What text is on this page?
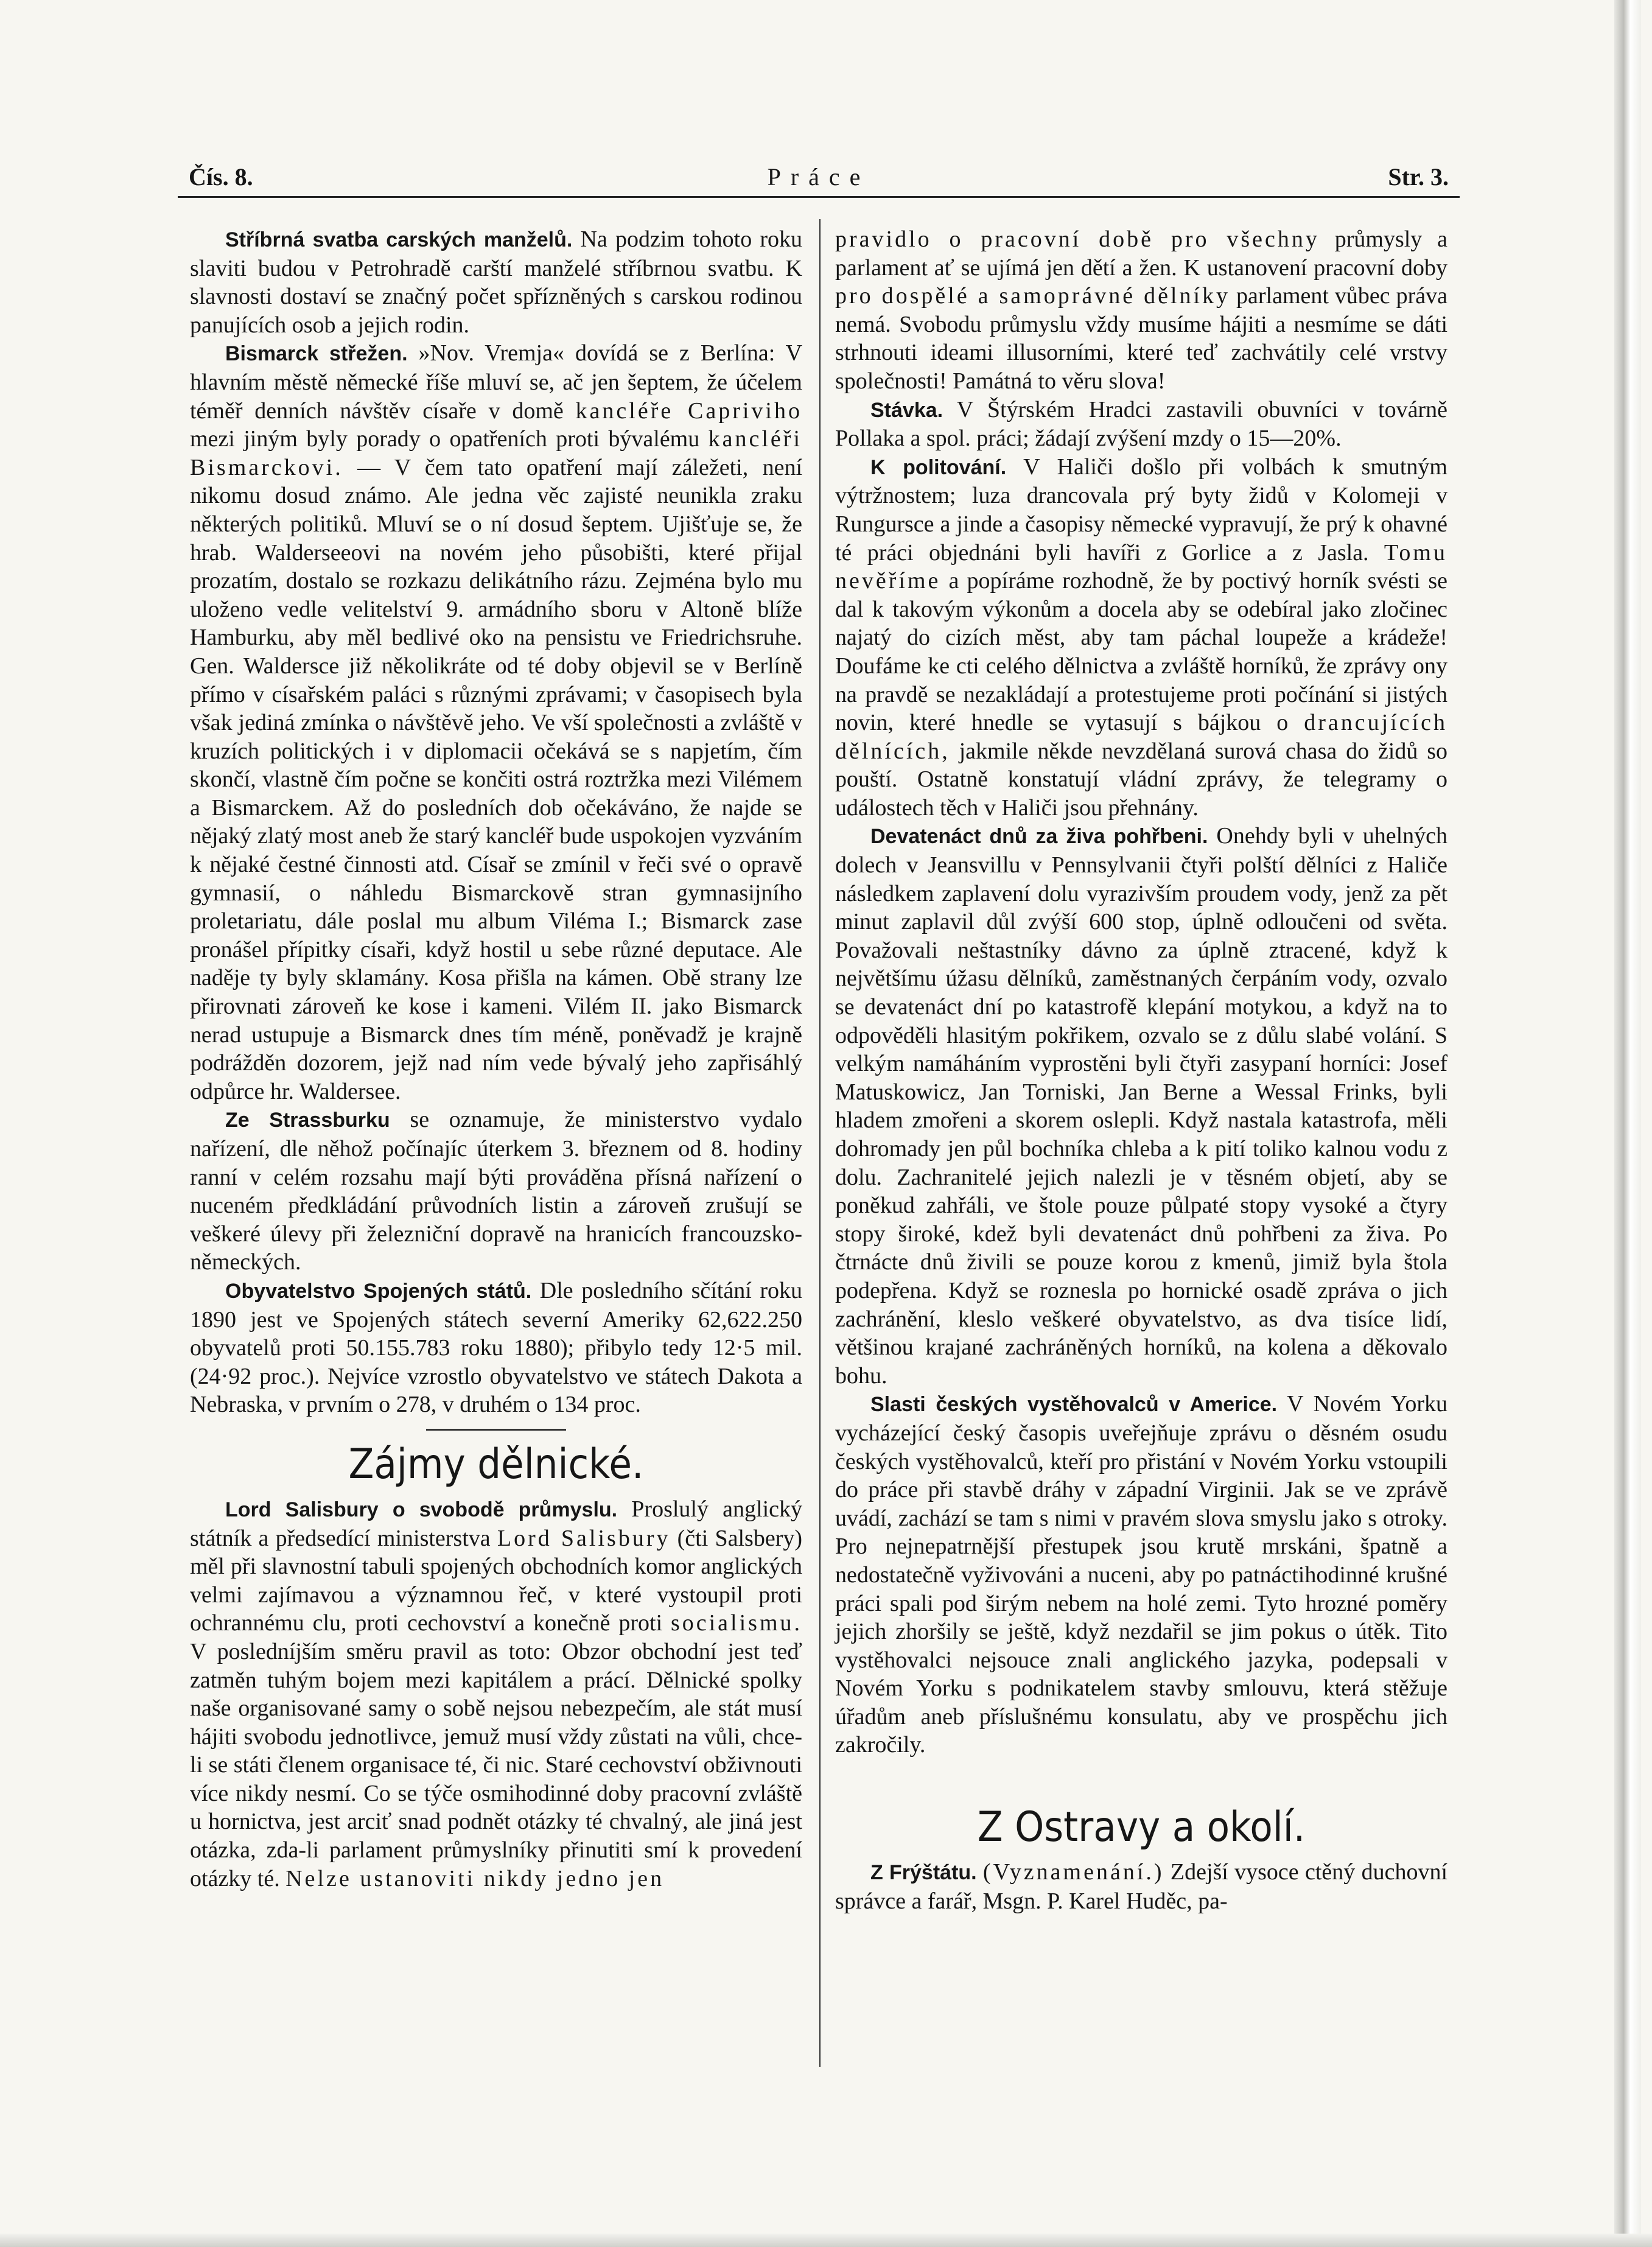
Čís. 8.	Práce	Str. 3.

Stříbrná svatba carských manželů. Na podzim tohoto roku slaviti budou v Petrohradě carští manželé stříbrnou svatbu. K slavnosti dostaví se značný počet spřízněných s carskou rodinou panujících osob a jejich rodin.

Bismarck střežen. »Nov. Vremja« dovídá se z Berlína: V hlavním městě německé říše mluví se, ač jen šeptem, že účelem téměř denních návštěv císaře v domě kancléře Capriviho mezi jiným byly porady o opatřeních proti bývalému kancléři Bismarckovi. — V čem tato opatření mají záležeti, není nikomu dosud známo. Ale jedna věc zajisté neunikla zraku některých politiků. Mluví se o ní dosud šeptem. Ujišťuje se, že hrab. Walderseeovi na novém jeho působišti, které přijal prozatím, dostalo se rozkazu delikátního rázu. Zejména bylo mu uloženo vedle velitelství 9. armádního sboru v Altoně blíže Hamburku, aby měl bedlivé oko na pensistu ve Friedrichsruhe. Gen. Waldersce již několikráte od té doby objevil se v Berlíně přímo v císařském paláci s různými zprávami; v časopisech byla však jediná zmínka o návštěvě jeho. Ve vší společnosti a zvláště v kruzích politických i v diplomacii očekává se s napjetím, čím skončí, vlastně čím počne se končiti ostrá roztržka mezi Vilémem a Bismarckem. Až do posledních dob očekáváno, že najde se nějaký zlatý most aneb že starý kancléř bude uspokojen vyzváním k nějaké čestné činnosti atd. Císař se zmínil v řeči své o opravě gymnasií, o náhledu Bismarckově stran gymnasijního proletariatu, dále poslal mu album Viléma I.; Bismarck zase pronášel přípitky císaři, když hostil u sebe různé deputace. Ale naděje ty byly sklamány. Kosa přišla na kámen. Obě strany lze přirovnati zároveň ke kose i kameni. Vilém II. jako Bismarck nerad ustupuje a Bismarck dnes tím méně, poněvadž je krajně podrážděn dozorem, jejž nad ním vede bývalý jeho zapřisáhlý odpůrce hr. Waldersee.

Ze Strassburku se oznamuje, že ministerstvo vydalo nařízení, dle něhož počínajíc úterkem 3. březnem od 8. hodiny ranní v celém rozsahu mají býti prováděna přísná nařízení o nuceném předkládání průvodních listin a zároveň zrušují se veškeré úlevy při železniční dopravě na hranicích francouzsko-německých.

Obyvatelstvo Spojených států. Dle posledního sčítání roku 1890 jest ve Spojených státech severní Ameriky 62,622.250 obyvatelů proti 50.155.783 roku 1880); přibylo tedy 12·5 mil. (24·92 proc.). Nejvíce vzrostlo obyvatelstvo ve státech Dakota a Nebraska, v prvním o 278, v druhém o 134 proc.

Zájmy dělnické.

Lord Salisbury o svobodě průmyslu. Proslulý anglický státník a předsedící ministerstva Lord Salisbury (čti Salsbery) měl při slavnostní tabuli spojených obchodních komor anglických velmi zajímavou a významnou řeč, v které vystoupil proti ochrannému clu, proti cechovství a konečně proti socialismu. V posledníjším směru pravil as toto: Obzor obchodní jest teď zatměn tuhým bojem mezi kapitálem a prácí. Dělnické spolky naše organisované samy o sobě nejsou nebezpečím, ale stát musí hájiti svobodu jednotlivce, jemuž musí vždy zůstati na vůli, chce-li se státi členem organisace té, či nic. Staré cechovství obživnouti více nikdy nesmí. Co se týče osmihodinné doby pracovní zvláště u hornictva, jest arciť snad podnět otázky té chvalný, ale jiná jest otázka, zda-li parlament průmyslníky přinutiti smí k provedení otázky té. Nelze ustanoviti nikdy jedno jen

pravidlo o pracovní době pro všechny průmysly a parlament ať se ujímá jen dětí a žen. K ustanovení pracovní doby pro dospělé a samoprávné dělníky parlament vůbec práva nemá. Svobodu průmyslu vždy musíme hájiti a nesmíme se dáti strhnouti ideami illusorními, které teď zachvátily celé vrstvy společnosti! Památná to věru slova!

Stávka. V Štýrském Hradci zastavili obuvníci v továrně Pollaka a spol. práci; žádají zvýšení mzdy o 15—20%.

K politování. V Haliči došlo při volbách k smutným výtržnostem; luza drancovala prý byty židů v Kolomeji v Rungursce a jinde a časopisy německé vypravují, že prý k ohavné té práci objednáni byli havíři z Gorlice a z Jasla. Tomu nevěříme a popíráme rozhodně, že by poctivý horník svésti se dal k takovým výkonům a docela aby se odebíral jako zločinec najatý do cizích měst, aby tam páchal loupeže a krádeže! Doufáme ke cti celého dělnictva a zvláště horníků, že zprávy ony na pravdě se nezakládají a protestujeme proti počínání si jistých novin, které hnedle se vytasují s bájkou o drancujících dělnících, jakmile někde nevzdělaná surová chasa do židů so pouští. Ostatně konstatují vládní zprávy, že telegramy o událostech těch v Haliči jsou přehnány.

Devatenáct dnů za živa pohřbeni. Onehdy byli v uhelných dolech v Jeansvillu v Pennsylvanii čtyři polští dělníci z Haliče následkem zaplavení dolu vyrazivším proudem vody, jenž za pět minut zaplavil důl zvýší 600 stop, úplně odloučeni od světa. Považovali neštastníky dávno za úplně ztracené, když k největšímu úžasu dělníků, zaměstnaných čerpáním vody, ozvalo se devatenáct dní po katastrofě klepání motykou, a když na to odpověděli hlasitým pokřikem, ozvalo se z důlu slabé volání. S velkým namáháním vyprostěni byli čtyři zasypaní horníci: Josef Matuskowicz, Jan Torniski, Jan Berne a Wessal Frinks, byli hladem zmořeni a skorem oslepli. Když nastala katastrofa, měli dohromady jen půl bochníka chleba a k pití toliko kalnou vodu z dolu. Zachranitelé jejich nalezli je v těsném objetí, aby se poněkud zahřáli, ve štole pouze půlpaté stopy vysoké a čtyry stopy široké, kdež byli devatenáct dnů pohřbeni za živa. Po čtrnácte dnů živili se pouze korou z kmenů, jimiž byla štola podepřena. Když se roznesla po hornické osadě zpráva o jich zachránění, kleslo veškeré obyvatelstvo, as dva tisíce lidí, většinou krajané zachráněných horníků, na kolena a děkovalo bohu.

Slasti českých vystěhovalců v Americe. V Novém Yorku vycházející český časopis uveřejňuje zprávu o děsném osudu českých vystěhovalců, kteří pro přistání v Novém Yorku vstoupili do práce při stavbě dráhy v západní Virginii. Jak se ve zprávě uvádí, zachází se tam s nimi v pravém slova smyslu jako s otroky. Pro nejnepatrnější přestupek jsou krutě mrskáni, špatně a nedostatečně vyživováni a nuceni, aby po patnáctihodinné krušné práci spali pod širým nebem na holé zemi. Tyto hrozné poměry jejich zhoršily se ještě, když nezdařil se jim pokus o útěk. Tito vystěhovalci nejsouce znali anglického jazyka, podepsali v Novém Yorku s podnikatelem stavby smlouvu, která stěžuje úřadům aneb příslušnému konsulatu, aby ve prospěchu jich zakročily.

Z Ostravy a okolí.

Z Frýštátu. (Vyznamenání.) Zdejší vysoce ctěný duchovní správce a farář, Msgn. P. Karel Huděc, pa-
